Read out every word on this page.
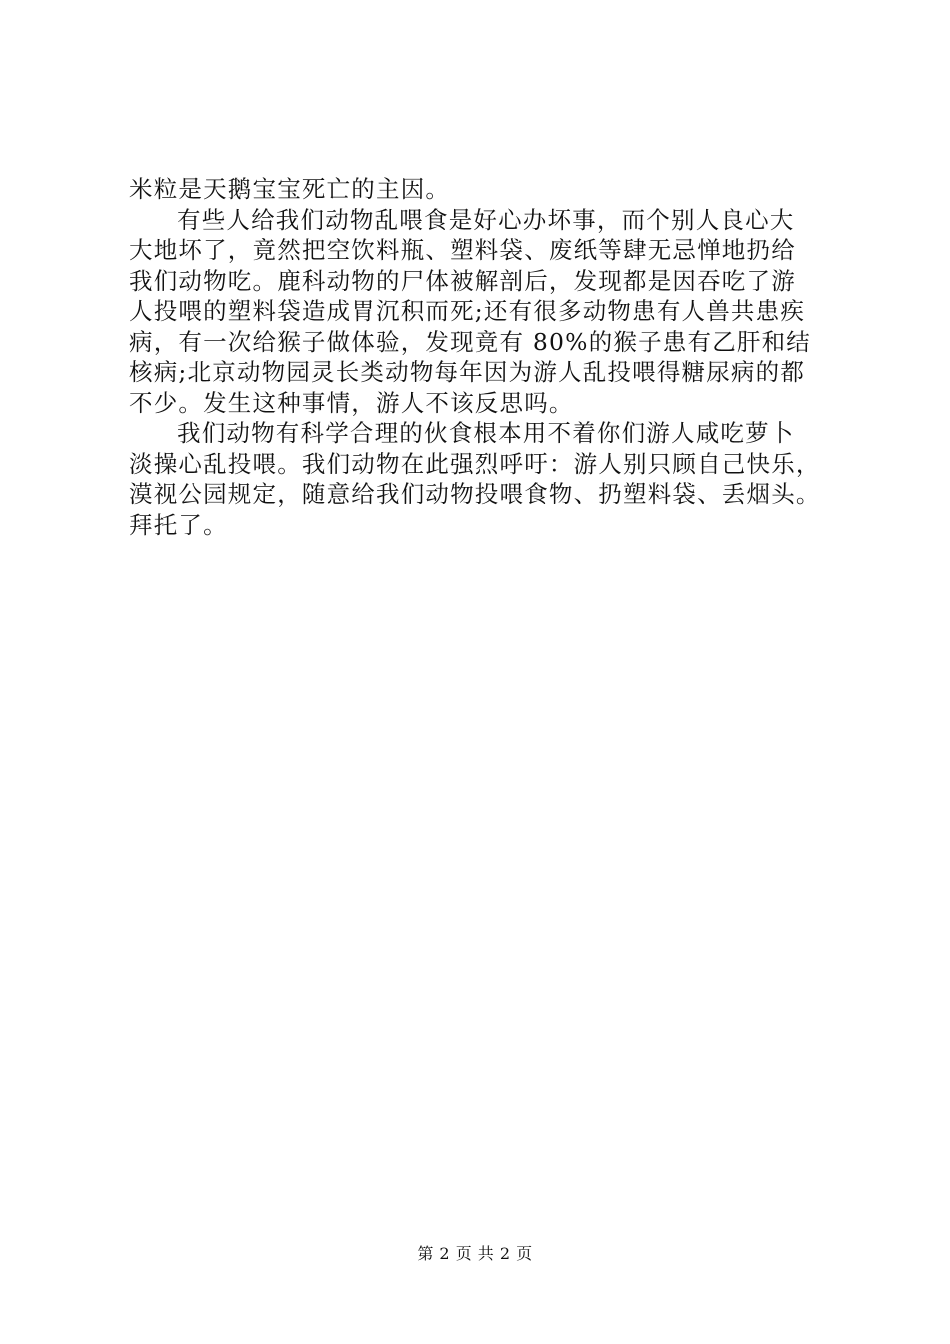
米粒是天鹅宝宝死亡的主因。
有些人给我们动物乱喂食是好心办坏事，而个别人良心大
大地坏了，竟然把空饮料瓶、塑料袋、废纸等肆无忌惮地扔给
我们动物吃。鹿科动物的尸体被解剖后，发现都是因吞吃了游
人投喂的塑料袋造成胃沉积而死;还有很多动物患有人兽共患疾
病，有一次给猴子做体验，发现竟有 80%的猴子患有乙肝和结
核病;北京动物园灵长类动物每年因为游人乱投喂得糖尿病的都
不少。发生这种事情，游人不该反思吗。
我们动物有科学合理的伙食根本用不着你们游人咸吃萝卜
淡操心乱投喂。我们动物在此强烈呼吁：游人别只顾自己快乐，
漠视公园规定，随意给我们动物投喂食物、扔塑料袋、丢烟头。
拜托了。
第 2 页 共 2 页
